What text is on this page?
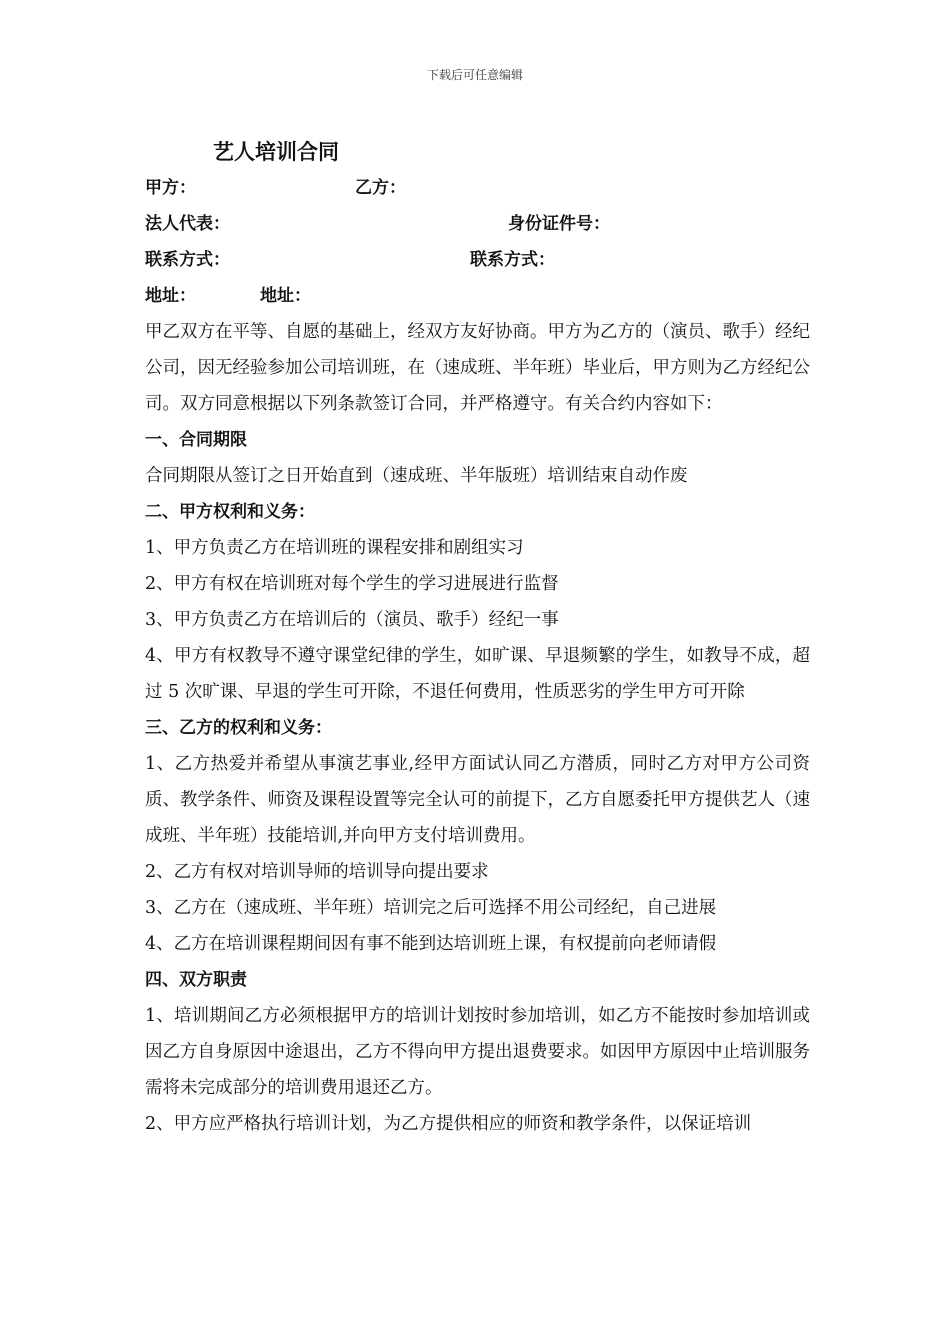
下载后可任意编辑
艺人培训合同
甲方：	乙方：
法人代表：	身份证件号：
联系方式：	联系方式：
地址：	地址：

甲乙双方在平等、自愿的基础上，经双方友好协商。甲方为乙方的（演员、歌手）经纪公司，因无经验参加公司培训班，在（速成班、半年班）毕业后，甲方则为乙方经纪公司。双方同意根据以下列条款签订合同，并严格遵守。有关合约内容如下：

一、合同期限

合同期限从签订之日开始直到（速成班、半年版班）培训结束自动作废

二、甲方权利和义务：

1、甲方负责乙方在培训班的课程安排和剧组实习

2、甲方有权在培训班对每个学生的学习进展进行监督

3、甲方负责乙方在培训后的（演员、歌手）经纪一事

4、甲方有权教导不遵守课堂纪律的学生，如旷课、早退频繁的学生，如教导不成，超过 5 次旷课、早退的学生可开除，不退任何费用，性质恶劣的学生甲方可开除

三、乙方的权利和义务：

1、乙方热爱并希望从事演艺事业,经甲方面试认同乙方潜质，同时乙方对甲方公司资质、教学条件、师资及课程设置等完全认可的前提下，乙方自愿委托甲方提供艺人（速成班、半年班）技能培训,并向甲方支付培训费用。

2、乙方有权对培训导师的培训导向提出要求

3、乙方在（速成班、半年班）培训完之后可选择不用公司经纪，自己进展

4、乙方在培训课程期间因有事不能到达培训班上课，有权提前向老师请假

四、双方职责

1、培训期间乙方必须根据甲方的培训计划按时参加培训，如乙方不能按时参加培训或因乙方自身原因中途退出，乙方不得向甲方提出退费要求。如因甲方原因中止培训服务需将未完成部分的培训费用退还乙方。

2、甲方应严格执行培训计划，为乙方提供相应的师资和教学条件，以保证培训
